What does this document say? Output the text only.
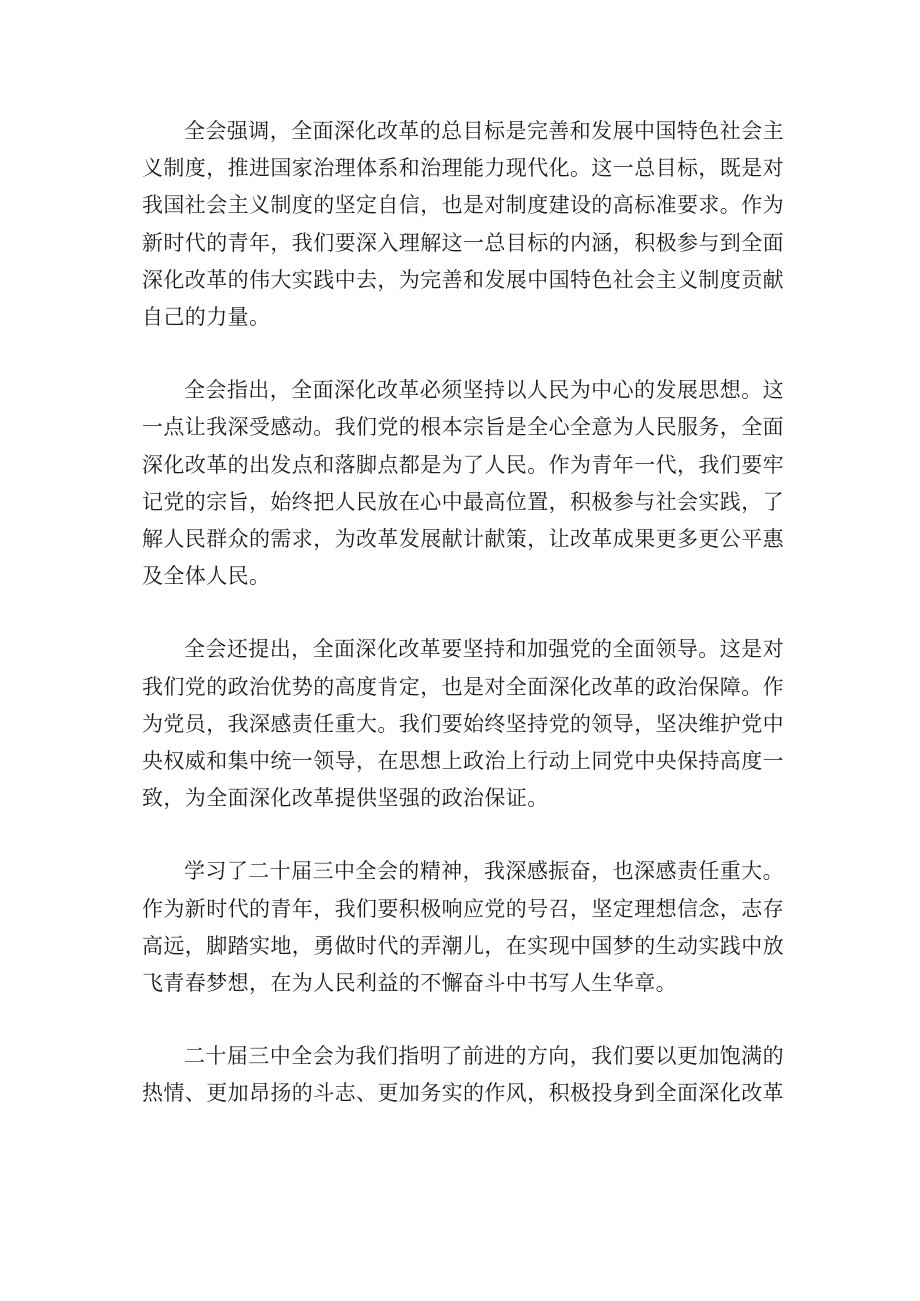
全会强调，全面深化改革的总目标是完善和发展中国特色社会主义制度，推进国家治理体系和治理能力现代化。这一总目标，既是对我国社会主义制度的坚定自信，也是对制度建设的高标准要求。作为新时代的青年，我们要深入理解这一总目标的内涵，积极参与到全面深化改革的伟大实践中去，为完善和发展中国特色社会主义制度贡献自己的力量。

全会指出，全面深化改革必须坚持以人民为中心的发展思想。这一点让我深受感动。我们党的根本宗旨是全心全意为人民服务，全面深化改革的出发点和落脚点都是为了人民。作为青年一代，我们要牢记党的宗旨，始终把人民放在心中最高位置，积极参与社会实践，了解人民群众的需求，为改革发展献计献策，让改革成果更多更公平惠及全体人民。

全会还提出，全面深化改革要坚持和加强党的全面领导。这是对我们党的政治优势的高度肯定，也是对全面深化改革的政治保障。作为党员，我深感责任重大。我们要始终坚持党的领导，坚决维护党中央权威和集中统一领导，在思想上政治上行动上同党中央保持高度一致，为全面深化改革提供坚强的政治保证。

学习了二十届三中全会的精神，我深感振奋，也深感责任重大。作为新时代的青年，我们要积极响应党的号召，坚定理想信念，志存高远，脚踏实地，勇做时代的弄潮儿，在实现中国梦的生动实践中放飞青春梦想，在为人民利益的不懈奋斗中书写人生华章。

二十届三中全会为我们指明了前进的方向，我们要以更加饱满的热情、更加昂扬的斗志、更加务实的作风，积极投身到全面深化改革
